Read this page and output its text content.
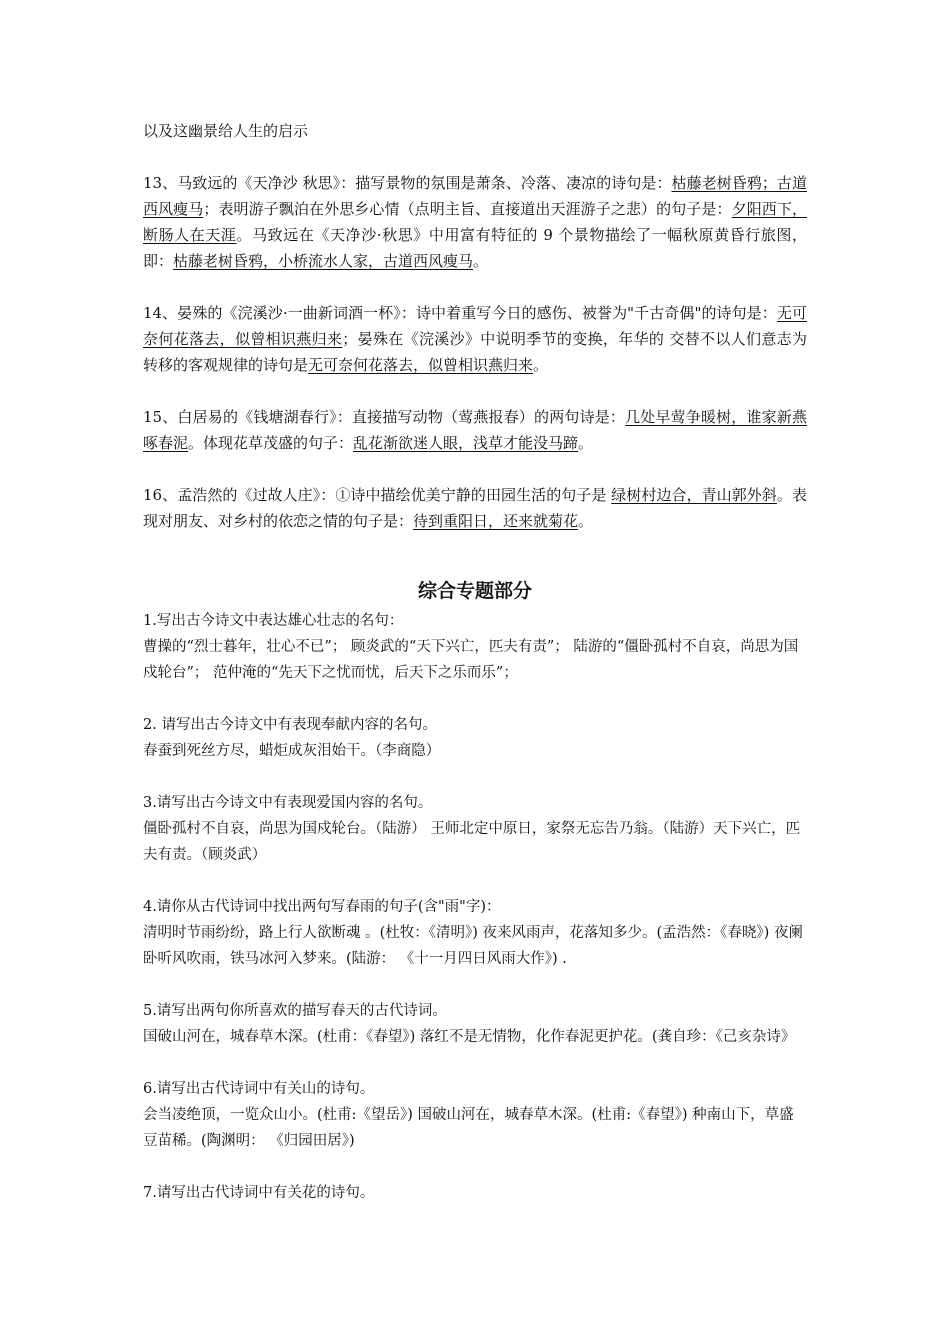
以及这幽景给人生的启示

13、马致远的《天净沙 秋思》：描写景物的氛围是萧条、冷落、凄凉的诗句是：枯藤老树昏鸦；古道西风瘦马；表明游子飘泊在外思乡心情（点明主旨、直接道出天涯游子之悲）的句子是：夕阳西下，断肠人在天涯。马致远在《天净沙·秋思》中用富有特征的 9 个景物描绘了一幅秋原黄昏行旅图，即：枯藤老树昏鸦，小桥流水人家，古道西风瘦马。

14、晏殊的《浣溪沙·一曲新词酒一杯》：诗中着重写今日的感伤、被誉为"千古奇偶"的诗句是：无可奈何花落去，似曾相识燕归来；晏殊在《浣溪沙》中说明季节的变换，年华的 交替不以人们意志为转移的客观规律的诗句是无可奈何花落去，似曾相识燕归来。

15、白居易的《钱塘湖春行》：直接描写动物（莺燕报春）的两句诗是：几处早莺争暖树，谁家新燕啄春泥。体现花草茂盛的句子：乱花渐欲迷人眼，浅草才能没马蹄。

16、孟浩然的《过故人庄》：①诗中描绘优美宁静的田园生活的句子是 绿树村边合，青山郭外斜。表现对朋友、对乡村的依恋之情的句子是：待到重阳日，还来就菊花。

综合专题部分

1.写出古今诗文中表达雄心壮志的名句：

曹操的“烈士暮年，壮心不已”； 顾炎武的“天下兴亡，匹夫有责”； 陆游的“僵卧孤村不自哀，尚思为国戍轮台”； 范仲淹的“先天下之忧而忧，后天下之乐而乐”；

2. 请写出古今诗文中有表现奉献内容的名句。

春蚕到死丝方尽，蜡炬成灰泪始干。（李商隐）

3.请写出古今诗文中有表现爱国内容的名句。

僵卧孤村不自哀，尚思为国戍轮台。（陆游） 王师北定中原日，家祭无忘告乃翁。（陆游）天下兴亡，匹夫有责。（顾炎武）

4.请你从古代诗词中找出两句写春雨的句子(含"雨"字)：

清明时节雨纷纷，路上行人欲断魂 。(杜牧：《清明》) 夜来风雨声，花落知多少。(孟浩然：《春晓》) 夜阑卧听风吹雨，铁马冰河入梦来。(陆游： 《十一月四日风雨大作》) .

5.请写出两句你所喜欢的描写春天的古代诗词。

国破山河在，城春草木深。(杜甫：《春望》) 落红不是无情物，化作春泥更护花。(龚自珍：《己亥杂诗》

6.请写出古代诗词中有关山的诗句。

会当凌绝顶，一览众山小。(杜甫:《望岳》) 国破山河在，城春草木深。(杜甫:《春望》) 种南山下，草盛豆苗稀。(陶渊明： 《归园田居》)

7.请写出古代诗词中有关花的诗句。
